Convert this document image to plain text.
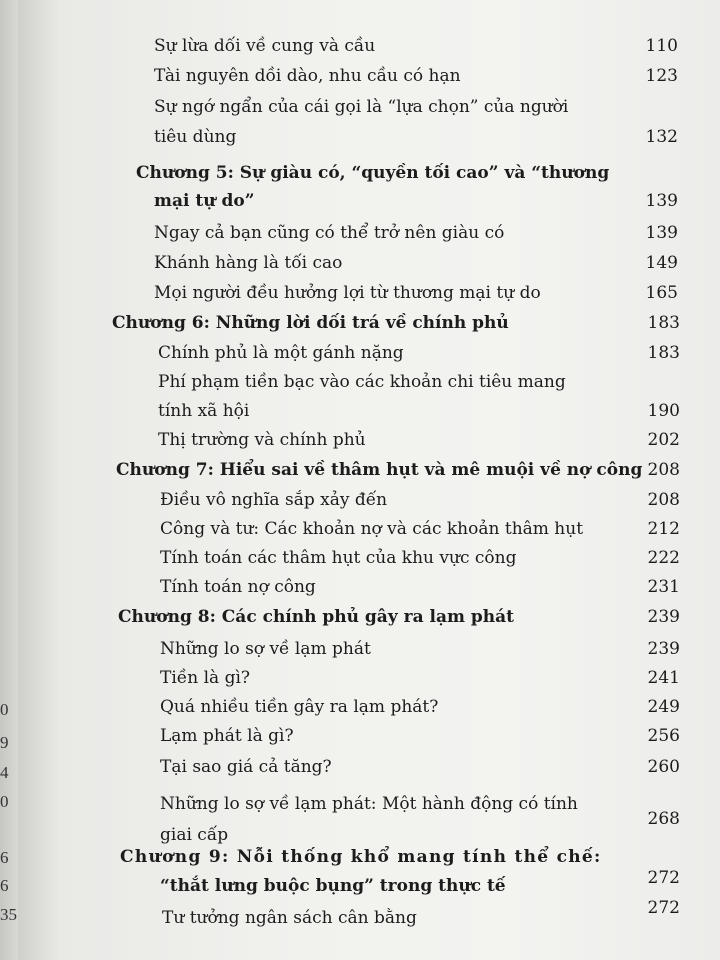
0
9
4
0
6
6
35
Sự lừa dối về cung và cầu	110
Tài nguyên dồi dào, nhu cầu có hạn	123
Sự ngớ ngẩn của cái gọi là “lựa chọn” của người
tiêu dùng	132
Chương 5: Sự giàu có, “quyền tối cao” và “thương
mại tự do”	139
Ngay cả bạn cũng có thể trở nên giàu có	139
Khánh hàng là tối cao	149
Mọi người đều hưởng lợi từ thương mại tự do	165
Chương 6: Những lời dối trá về chính phủ	183
Chính phủ là một gánh nặng	183
Phí phạm tiền bạc vào các khoản chi tiêu mang
tính xã hội	190
Thị trường và chính phủ	202
Chương 7: Hiểu sai về thâm hụt và mê muội về nợ công 208
Điều vô nghĩa sắp xảy đến	208
Công và tư: Các khoản nợ và các khoản thâm hụt	212
Tính toán các thâm hụt của khu vực công	222
Tính toán nợ công	231
Chương 8: Các chính phủ gây ra lạm phát	239
Những lo sợ về lạm phát	239
Tiền là gì?	241
Quá nhiều tiền gây ra lạm phát?	249
Lạm phát là gì?	256
Tại sao giá cả tăng?	260
Những lo sợ về lạm phát: Một hành động có tính
giai cấp
268
Chương 9: Nỗi thống khổ mang tính thể chế:
“thắt lưng buộc bụng” trong thực tế	272
Tư tưởng ngân sách cân bằng	272
